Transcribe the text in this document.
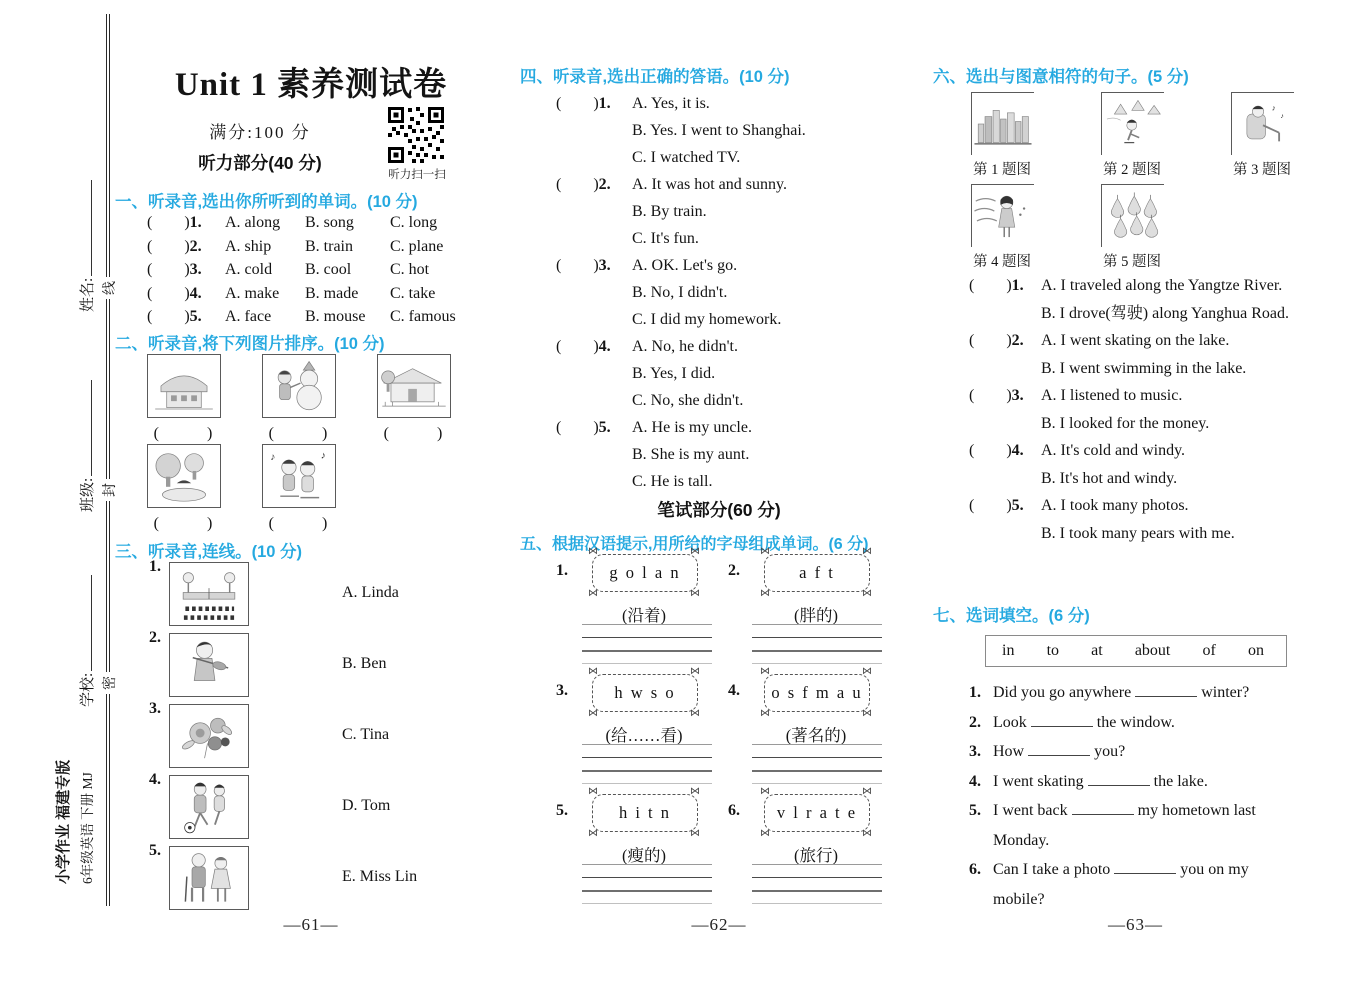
姓名:
班级:
学校:
线
封
密
小学作业 福建专版 6年级英语 下册 MJ
Unit 1 素养测试卷
满分:100 分
听力部分(40 分)
听力扫一扫
一、听录音,选出你所听到的单词。(10 分)
(　　)1.	A. along	B. song	C. long
(　　)2.	A. ship	B. train	C. plane
(　　)3.	A. cold	B. cool	C. hot
(　　)4.	A. make	B. made	C. take
(　　)5.	A. face	B. mouse	C. famous
二、听录音,将下列图片排序。(10 分)
(　　　)	(　　　)	(　　　)
♪	♪
(　　　)	(　　　)
三、听录音,连线。(10 分)
1.
A. Linda
2.
B. Ben
3.
C. Tina
4.
D. Tom
5.
E. Miss Lin
—61—
四、听录音,选出正确的答语。(10 分)
(　　)1. A. Yes, it is.
B. Yes. I went to Shanghai.
C. I watched TV.
(　　)2. A. It was hot and sunny.
B. By train.
C. It's fun.
(　　)3. A. OK. Let's go.
B. No, I didn't.
C. I did my homework.
(　　)4. A. No, he didn't.
B. Yes, I did.
C. No, she didn't.
(　　)5. A. He is my uncle.
B. She is my aunt.
C. He is tall.
笔试部分(60 分)
五、根据汉语提示,用所给的字母组成单词。(6 分)
1.
⋈
⋈
⋈
⋈	g o l a n
(沿着)
2.
⋈
⋈
⋈
⋈	a f t
(胖的)
3.
⋈
⋈
⋈
⋈	h w s o
(给……看)
4.
⋈
⋈
⋈
⋈	o s f m a u
(著名的)
5.
⋈
⋈
⋈
⋈	h i t n
(瘦的)
6.
⋈
⋈
⋈
⋈	v l r a t e
(旅行)
—62—
六、选出与图意相符的句子。(5 分)
♪
♪
第 1 题图	第 2 题图	第 3 题图
第 4 题图	第 5 题图
(　　)1. A. I traveled along the Yangtze River.
B. I drove(驾驶) along Yanghua Road.
(　　)2. A. I went skating on the lake.
B. I went swimming in the lake.
(　　)3. A. I listened to music.
B. I looked for the money.
(　　)4. A. It's cold and windy.
B. It's hot and windy.
(　　)5. A. I took many photos.
B. I took many pears with me.
七、选词填空。(6 分)
in to at about of on
1. Did you go anywhere	winter?
2. Look	the window.
3. How	you?
4. I went skating	the lake.
5. I went back	my hometown last Monday.
6. Can I take a photo	you on my mobile?
—63—
